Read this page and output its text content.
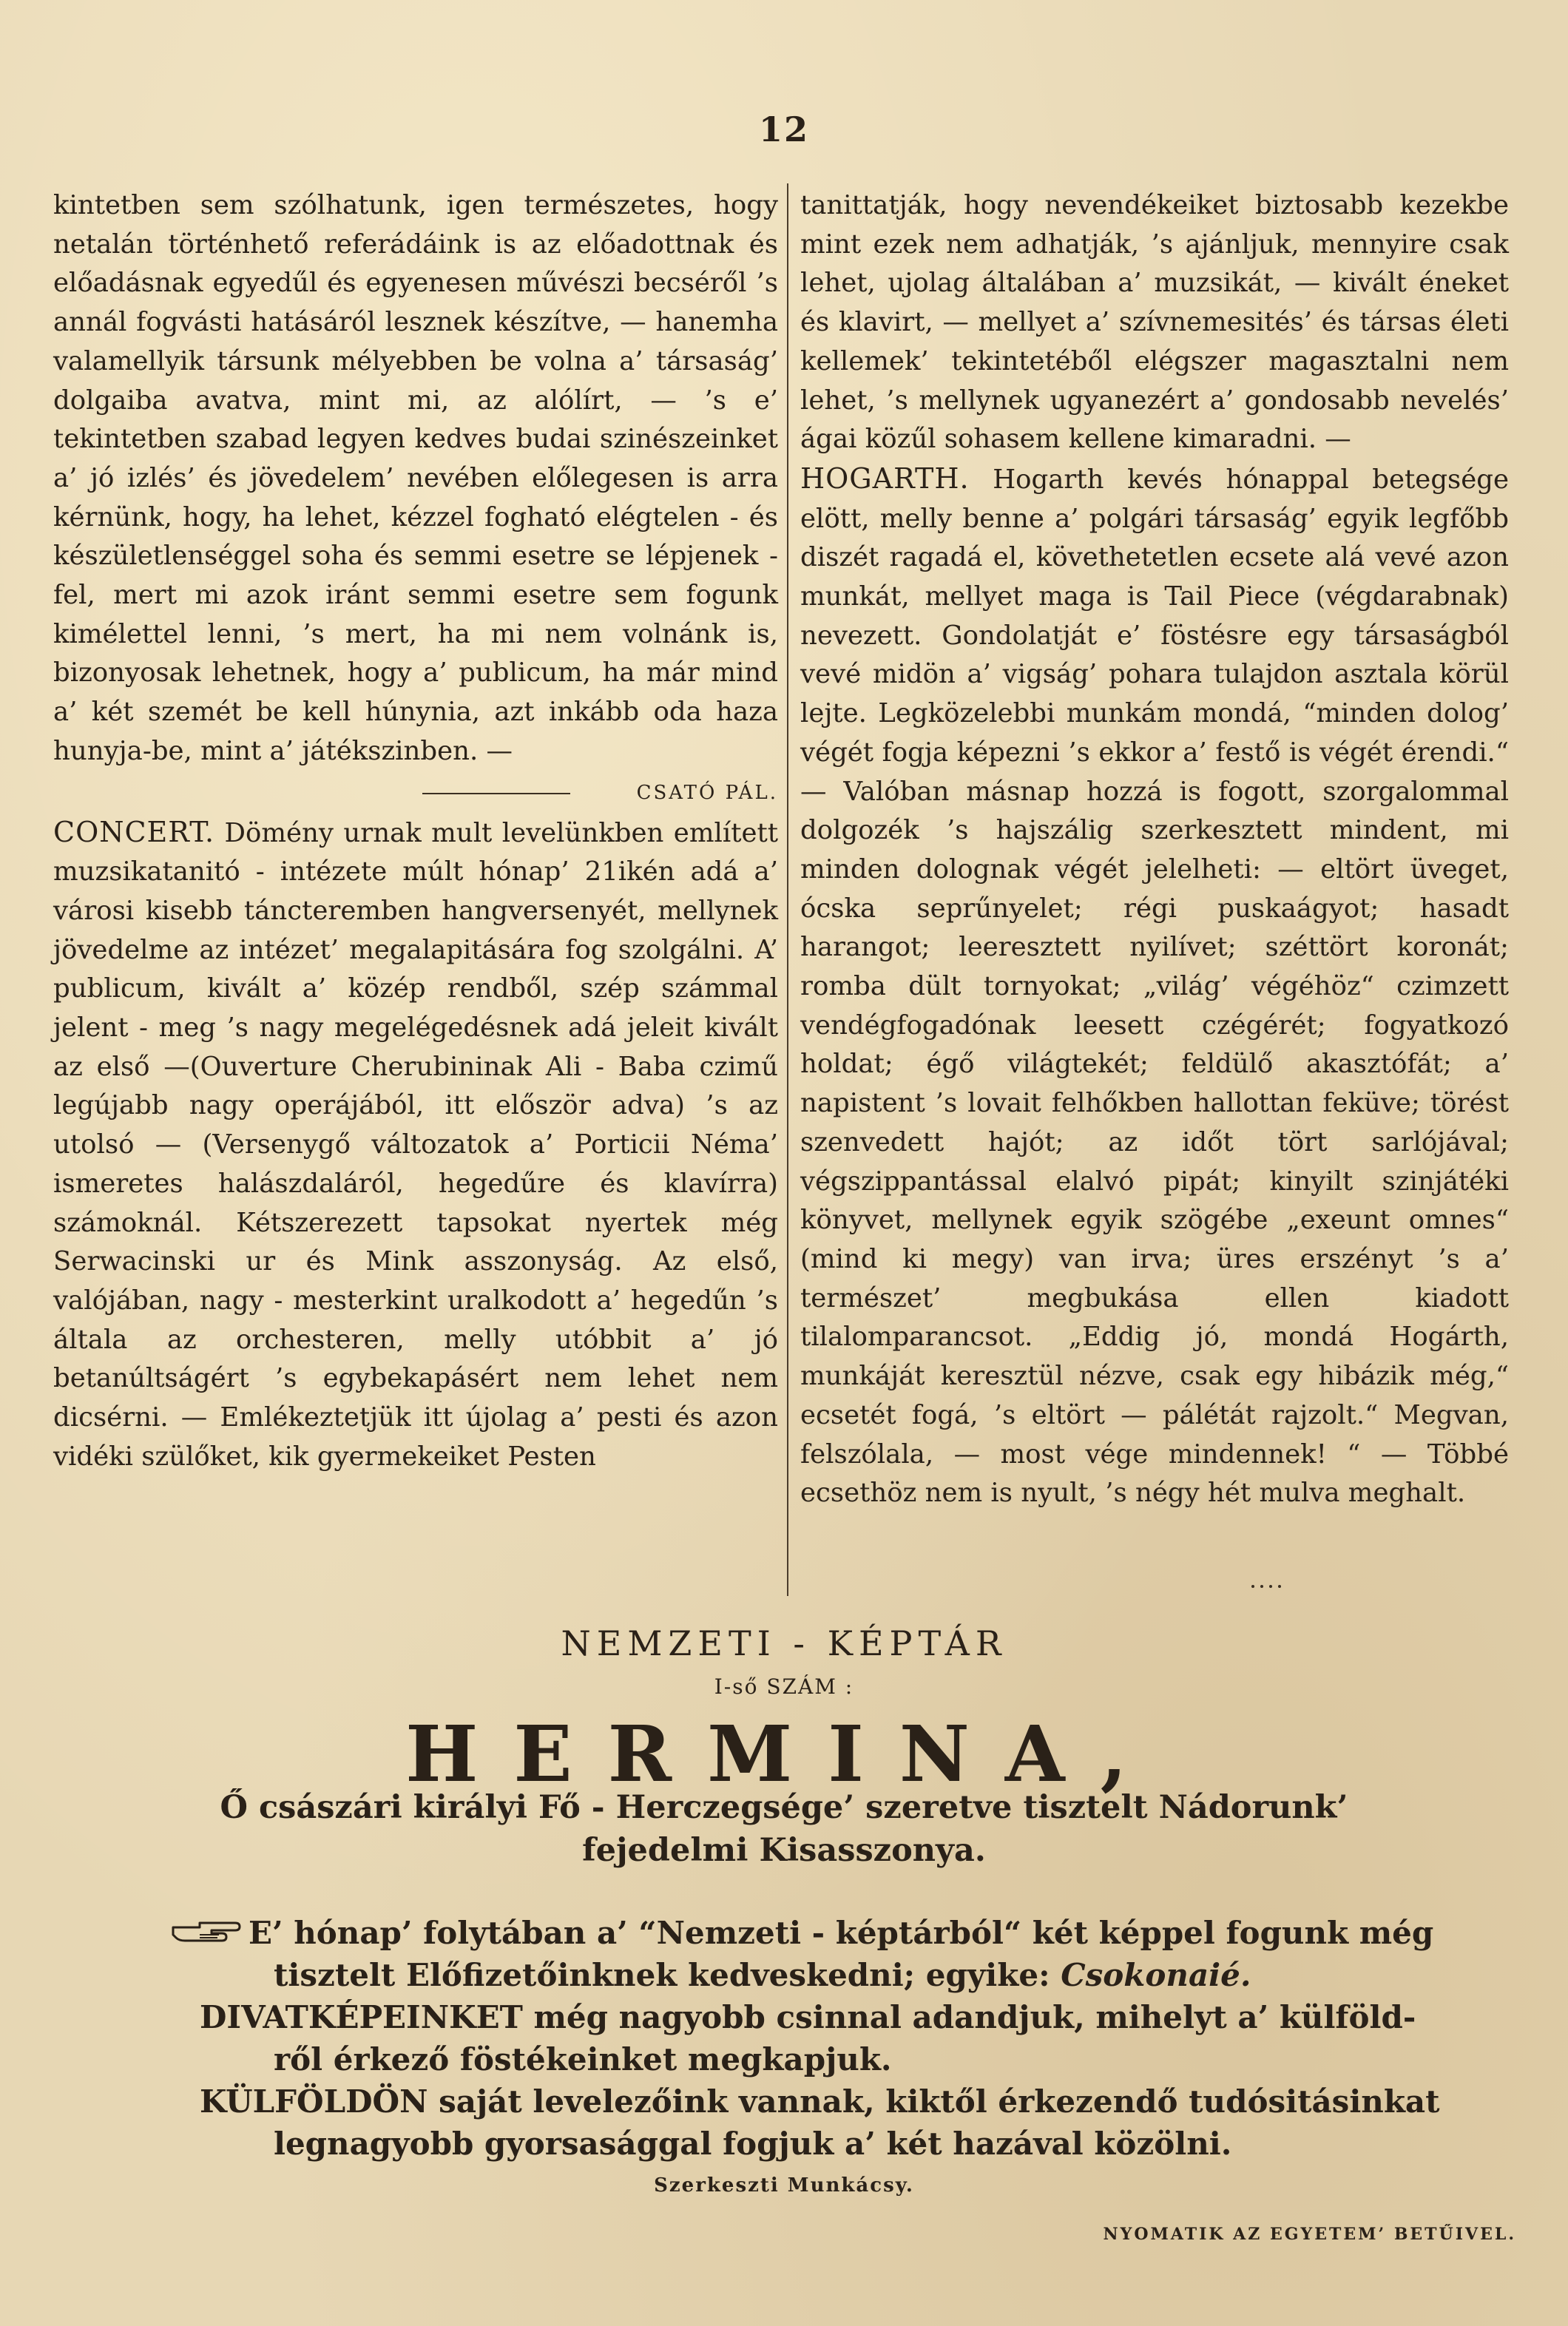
12

kintetben sem szólhatunk, igen természetes, hogy netalán történhető referádáink is az előadottnak és előadásnak egyedűl és egyenesen művészi becséről ’s annál fogvásti hatásáról lesznek készítve, — hanemha valamellyik társunk mélyebben be volna a’ társaság’ dolgaiba avatva, mint mi, az alólírt, — ’s e’ tekintetben szabad legyen kedves budai szinészeinket a’ jó izlés’ és jövedelem’ nevében előlegesen is arra kérnünk, hogy, ha lehet, kézzel fogható elégtelen - és készületlenséggel soha és semmi esetre se lépjenek - fel, mert mi azok iránt semmi esetre sem fogunk kimélettel lenni, ’s mert, ha mi nem volnánk is, bizonyosak lehetnek, hogy a’ publicum, ha már mind a’ két szemét be kell húnynia, azt inkább oda haza hunyja-be, mint a’ játékszinben. —

CSATÓ PÁL.

CONCERT. Dömény urnak mult levelünkben említett muzsikatanitó - intézete múlt hónap’ 21ikén adá a’ városi kisebb táncteremben hangversenyét, mellynek jövedelme az intézet’ megalapitására fog szolgálni. A’ publicum, kivált a’ közép rendből, szép számmal jelent - meg ’s nagy megelégedésnek adá jeleit kivált az első —(Ouverture Cherubininak Ali - Baba czimű legújabb nagy operájából, itt először adva) ’s az utolsó — (Versenygő változatok a’ Porticii Néma’ ismeretes halászdaláról, hegedűre és klavírra) számoknál. Kétszerezett tapsokat nyertek még Serwacinski ur és Mink asszonyság. Az első, valójában, nagy - mesterkint uralkodott a’ hegedűn ’s általa az orchesteren, melly utóbbit a’ jó betanúltságért ’s egybekapásért nem lehet nem dicsérni. — Emlékeztetjük itt újolag a’ pesti és azon vidéki szülőket, kik gyermekeiket Pesten

tanittatják, hogy nevendékeiket biztosabb kezekbe mint ezek nem adhatják, ’s ajánljuk, mennyire csak lehet, ujolag általában a’ muzsikát, — kivált éneket és klavirt, — mellyet a’ szívnemesités’ és társas életi kellemek’ tekintetéből elégszer magasztalni nem lehet, ’s mellynek ugyanezért a’ gondosabb nevelés’ ágai közűl sohasem kellene kimaradni. —

HOGARTH. Hogarth kevés hónappal betegsége elött, melly benne a’ polgári társaság’ egyik legfőbb diszét ragadá el, követhetetlen ecsete alá vevé azon munkát, mellyet maga is Tail Piece (végdarabnak) nevezett. Gondolatját e’ föstésre egy társaságból vevé midön a’ vigság’ pohara tulajdon asztala körül lejte. Legközelebbi munkám mondá, “minden dolog’ végét fogja képezni ’s ekkor a’ festő is végét érendi.“ — Valóban másnap hozzá is fogott, szorgalommal dolgozék ’s hajszálig szerkesztett mindent, mi minden dolognak végét jelelheti: — eltört üveget, ócska seprűnyelet; régi puskaágyot; hasadt harangot; leeresztett nyilívet; széttört koronát; romba dült tornyokat; „világ’ végéhöz“ czimzett vendégfogadónak leesett czégérét; fogyatkozó holdat; égő világtekét; feldülő akasztófát; a’ napistent ’s lovait felhőkben hallottan feküve; törést szenvedett hajót; az időt tört sarlójával; végszippantással elalvó pipát; kinyilt szinjátéki könyvet, mellynek egyik szögébe „exeunt omnes“ (mind ki megy) van irva; üres erszényt ’s a’ természet’ megbukása ellen kiadott tilalomparancsot. „Eddig jó, mondá Hogárth, munkáját keresztül nézve, csak egy hibázik még,“ ecsetét fogá, ’s eltört — pálétát rajzolt.“ Megvan, felszólala, — most vége mindennek! “ — Többé ecsethöz nem is nyult, ’s négy hét mulva meghalt.

NEMZETI - KÉPTÁR
I-ső SZÁM :
HERMINA,
Ő császári királyi Fő - Herczegsége’ szeretve tisztelt Nádorunk’ fejedelmi Kisasszonya.

E’ hónap’ folytában a’ “Nemzeti - képtárból“ két képpel fogunk még

tisztelt Előfizetőinknek kedveskedni; egyike: Csokonaié.

DIVATKÉPEINKET még nagyobb csinnal adandjuk, mihelyt a’ külföld-

ről érkező föstékeinket megkapjuk.

KÜLFÖLDÖN saját levelezőink vannak, kiktől érkezendő tudósitásinkat

legnagyobb gyorsasággal fogjuk a’ két hazával közölni.

Szerkeszti Munkácsy.
NYOMATIK AZ EGYETEM’ BETŰIVEL.
